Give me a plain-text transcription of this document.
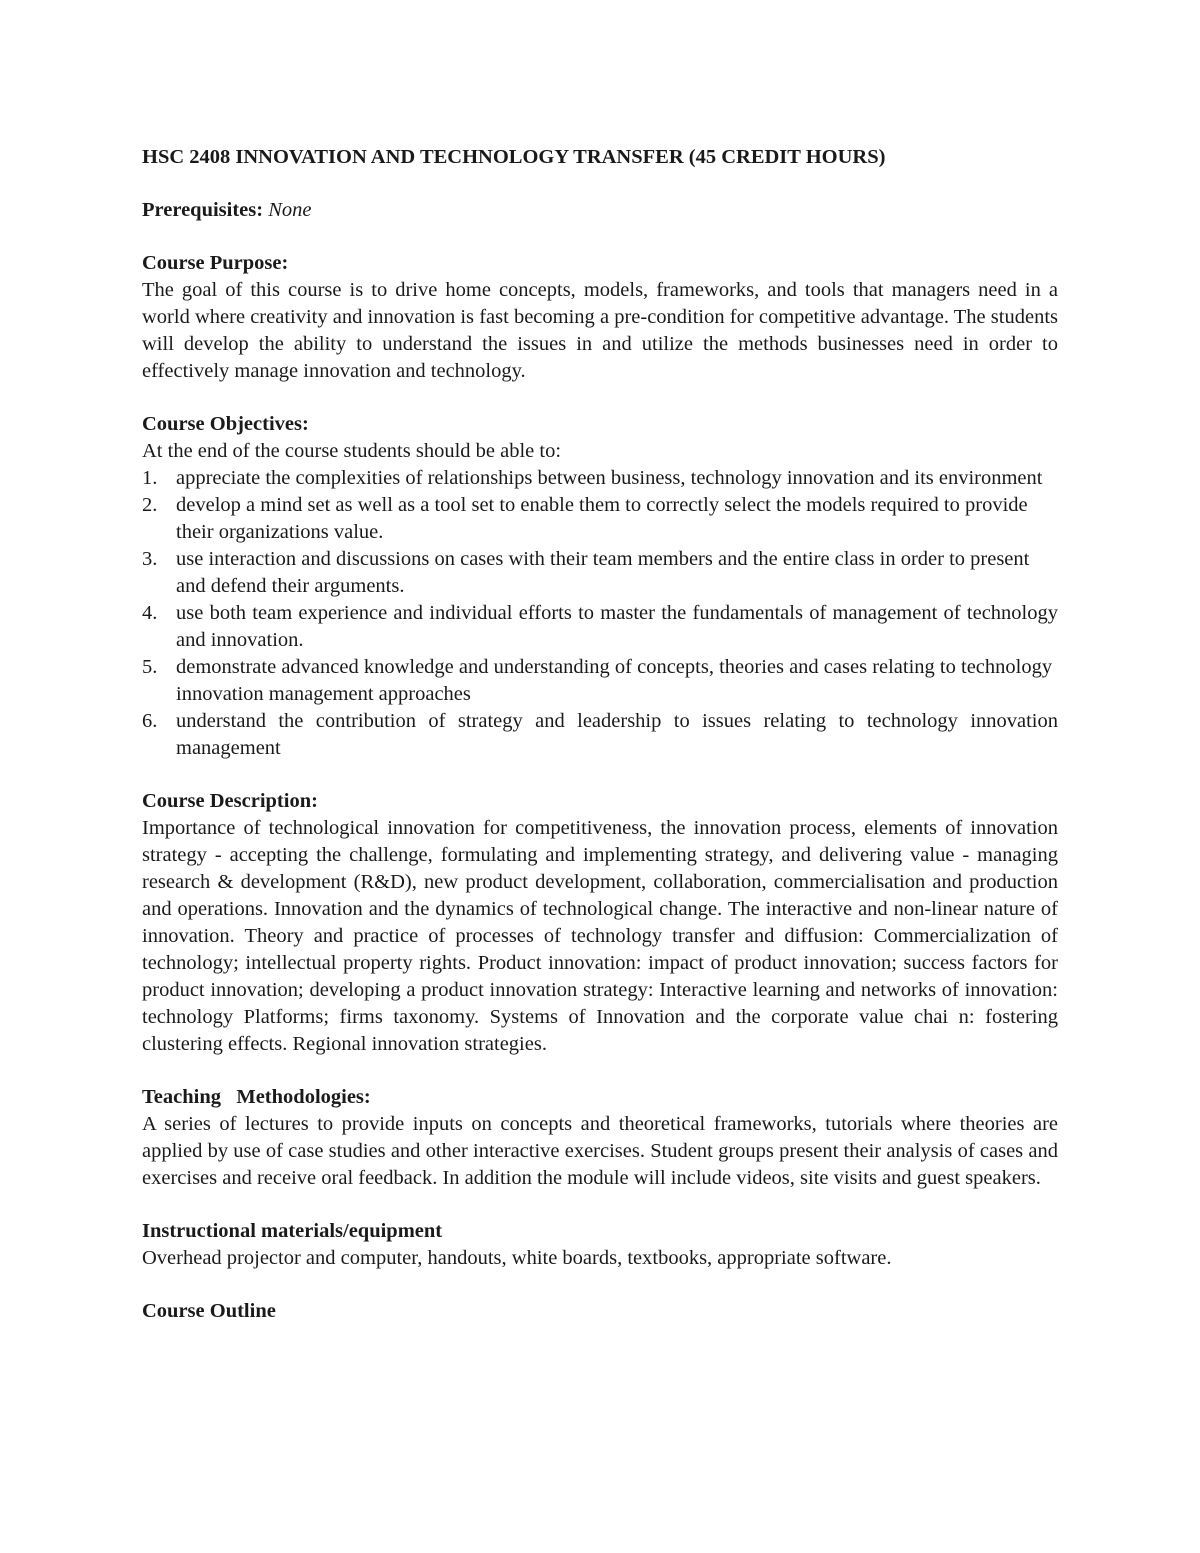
HSC 2408 INNOVATION AND TECHNOLOGY TRANSFER (45 CREDIT HOURS)

Prerequisites: None
Course Purpose:

The goal of this course is to drive home concepts, models, frameworks, and tools that managers need in a world where creativity and innovation is fast becoming a pre-condition for competitive advantage. The students will develop the ability to understand the issues in and utilize the methods businesses need in order to effectively manage innovation and technology.

Course Objectives:
At the end of the course students should be able to:
1. appreciate the complexities of relationships between business, technology innovation and its environment
2. develop a mind set as well as a tool set to enable them to correctly select the models required to provide their organizations value.
3. use interaction and discussions on cases with their team members and the entire class in order to present and defend their arguments.
4. use both team experience and individual efforts to master the fundamentals of management of technology and innovation.
5. demonstrate advanced knowledge and understanding of concepts, theories and cases relating to technology innovation management approaches
6. understand the contribution of strategy and leadership to issues relating to technology innovation management
Course Description:

Importance of technological innovation for competitiveness, the innovation process, elements of innovation strategy - accepting the challenge, formulating and implementing strategy, and delivering value - managing research & development (R&D), new product development, collaboration, commercialisation and production and operations. Innovation and the dynamics of technological change. The interactive and non-linear nature of innovation. Theory and practice of processes of technology transfer and diffusion: Commercialization of technology; intellectual property rights. Product innovation: impact of product innovation; success factors for product innovation; developing a product innovation strategy: Interactive learning and networks of innovation: technology Platforms; firms taxonomy. Systems of Innovation and the corporate value chai n: fostering clustering effects. Regional innovation strategies.

Teaching   Methodologies:

A series of lectures to provide inputs on concepts and theoretical frameworks, tutorials where theories are applied by use of case studies and other interactive exercises. Student groups present their analysis of cases and exercises and receive oral feedback. In addition the module will include videos, site visits and guest speakers.

Instructional materials/equipment

Overhead projector and computer, handouts, white boards, textbooks, appropriate software.

Course Outline
